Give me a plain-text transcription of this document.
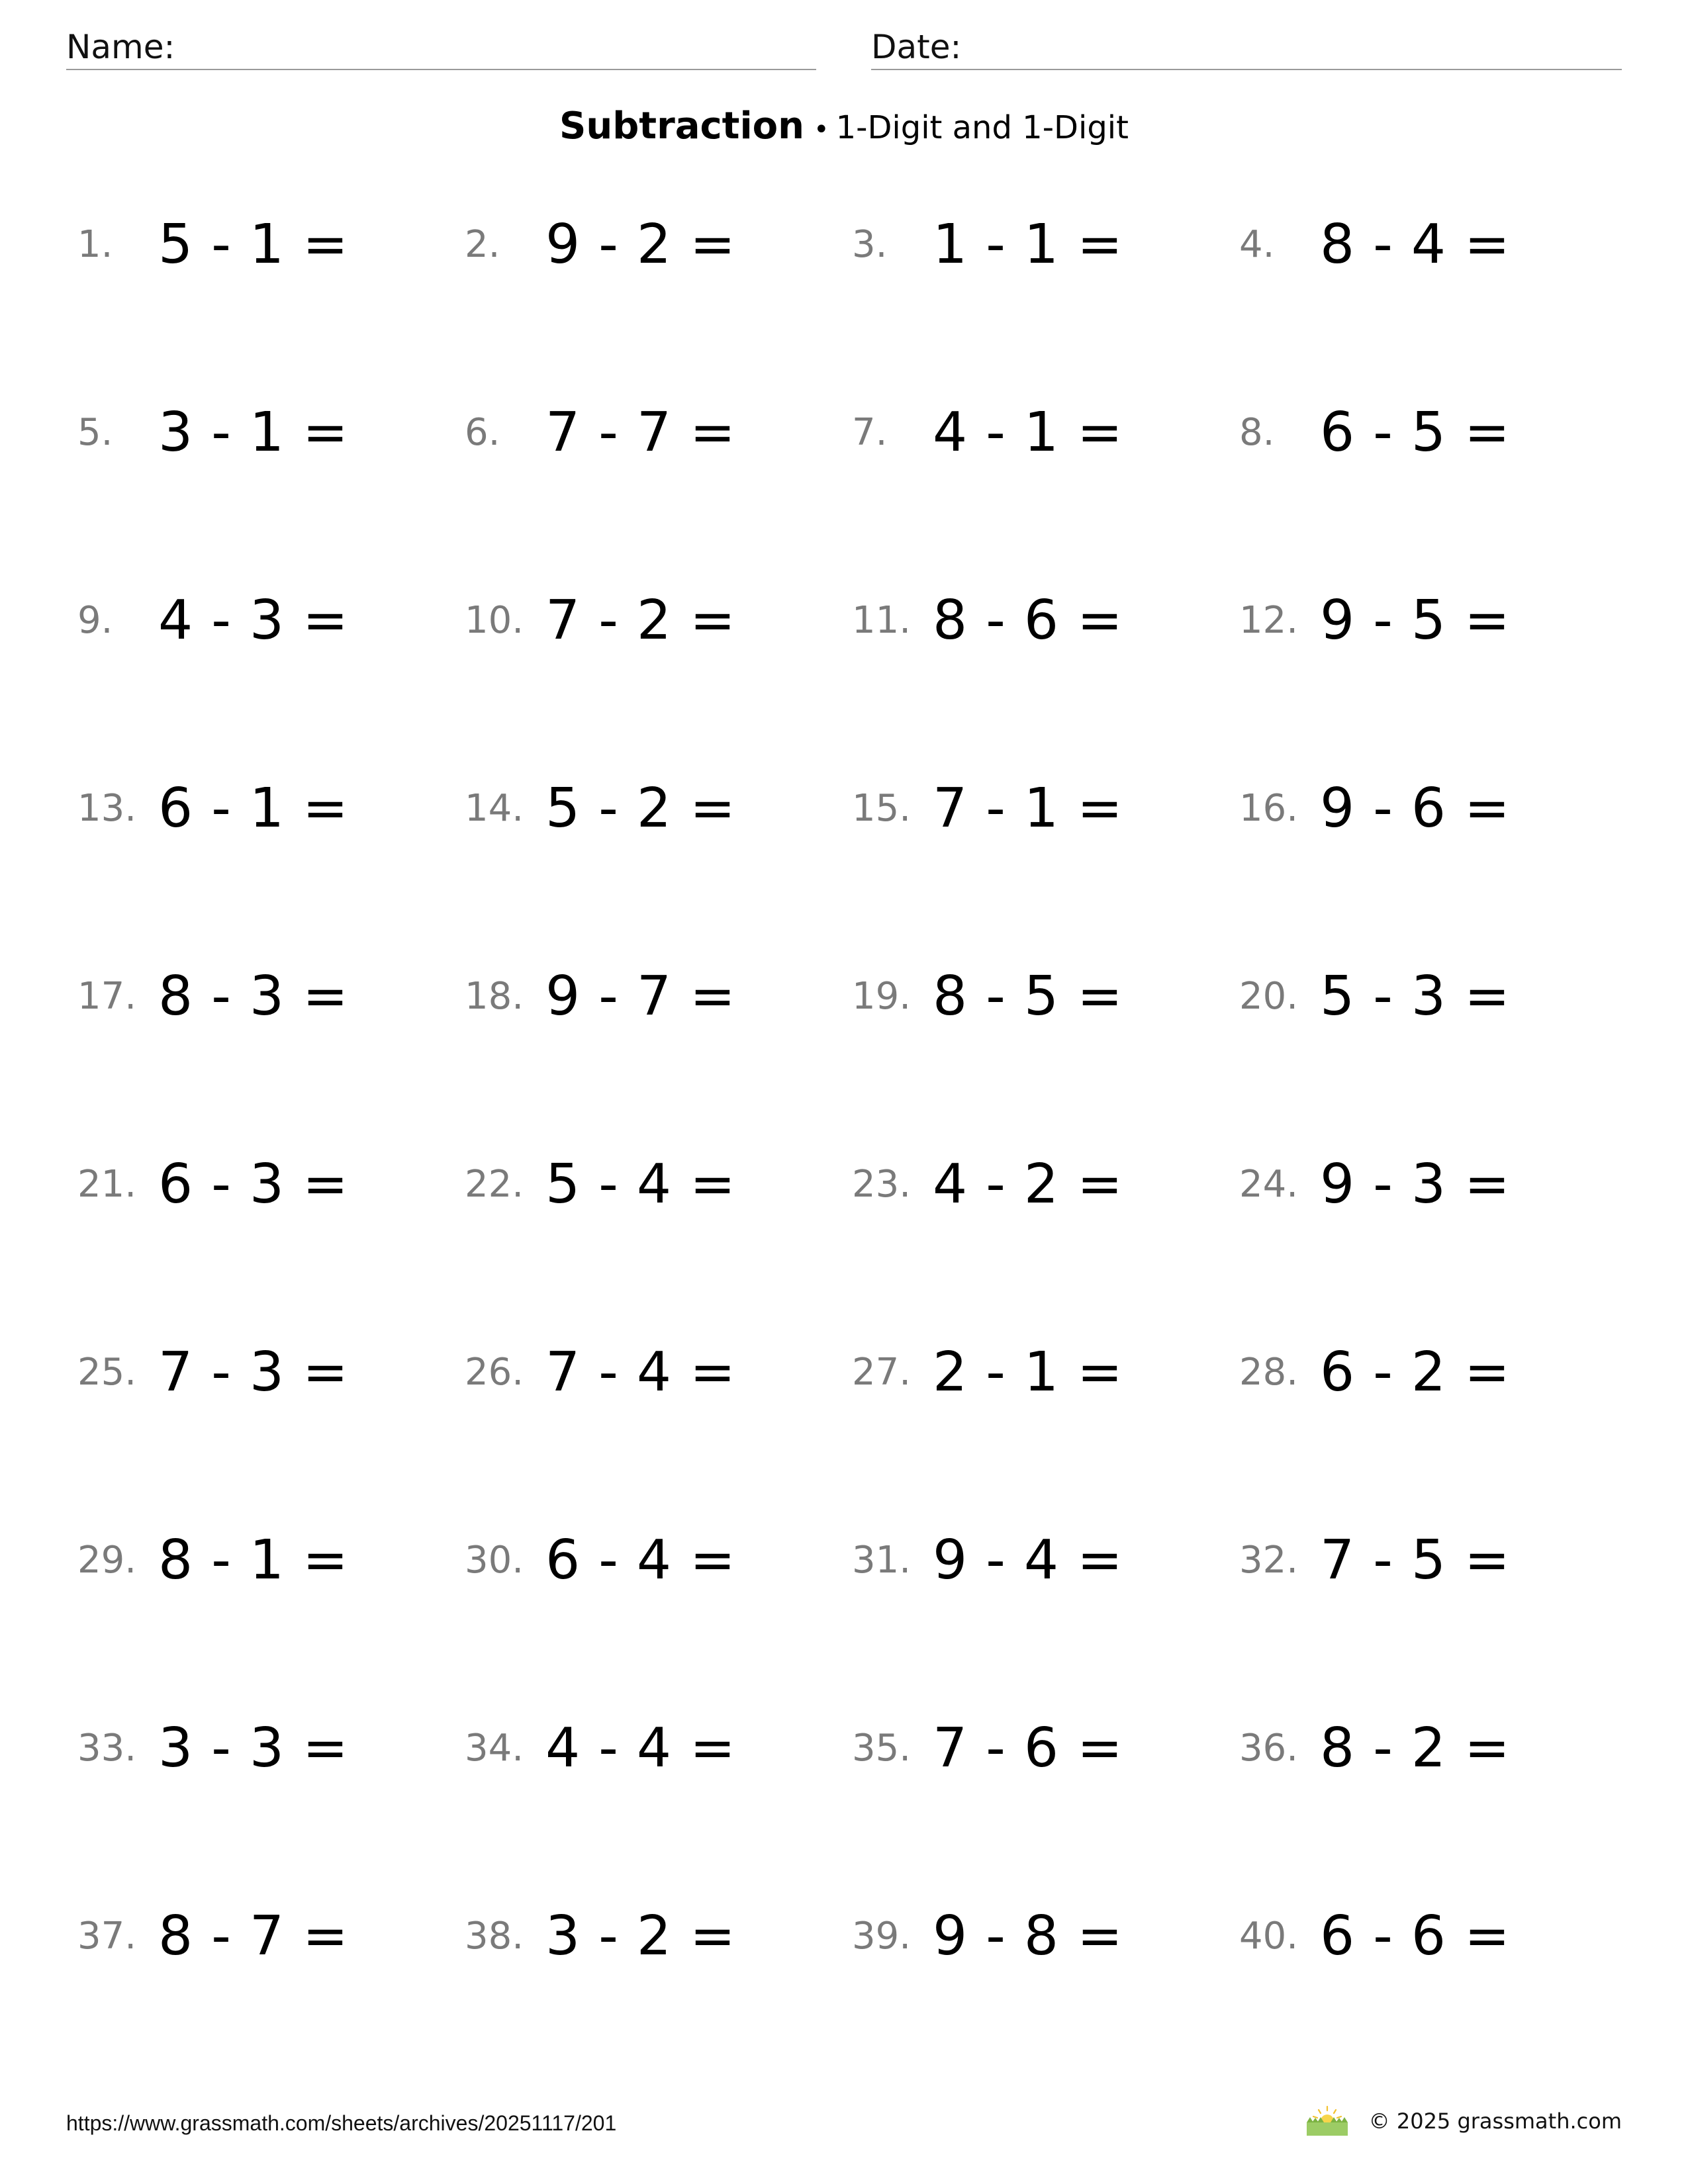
Name:	Date:
Subtraction • 1-Digit and 1-Digit
1. 5 - 1 =	2. 9 - 2 =	3. 1 - 1 =	4. 8 - 4 =
5. 3 - 1 =	6. 7 - 7 =	7. 4 - 1 =	8. 6 - 5 =
9. 4 - 3 =	10. 7 - 2 =	11. 8 - 6 =	12. 9 - 5 =
13. 6 - 1 =	14. 5 - 2 =	15. 7 - 1 =	16. 9 - 6 =
17. 8 - 3 =	18. 9 - 7 =	19. 8 - 5 =	20. 5 - 3 =
21. 6 - 3 =	22. 5 - 4 =	23. 4 - 2 =	24. 9 - 3 =
25. 7 - 3 =	26. 7 - 4 =	27. 2 - 1 =	28. 6 - 2 =
29. 8 - 1 =	30. 6 - 4 =	31. 9 - 4 =	32. 7 - 5 =
33. 3 - 3 =	34. 4 - 4 =	35. 7 - 6 =	36. 8 - 2 =
37. 8 - 7 =	38. 3 - 2 =	39. 9 - 8 =	40. 6 - 6 =
https://www.grassmath.com/sheets/archives/20251117/201	© 2025 grassmath.com
